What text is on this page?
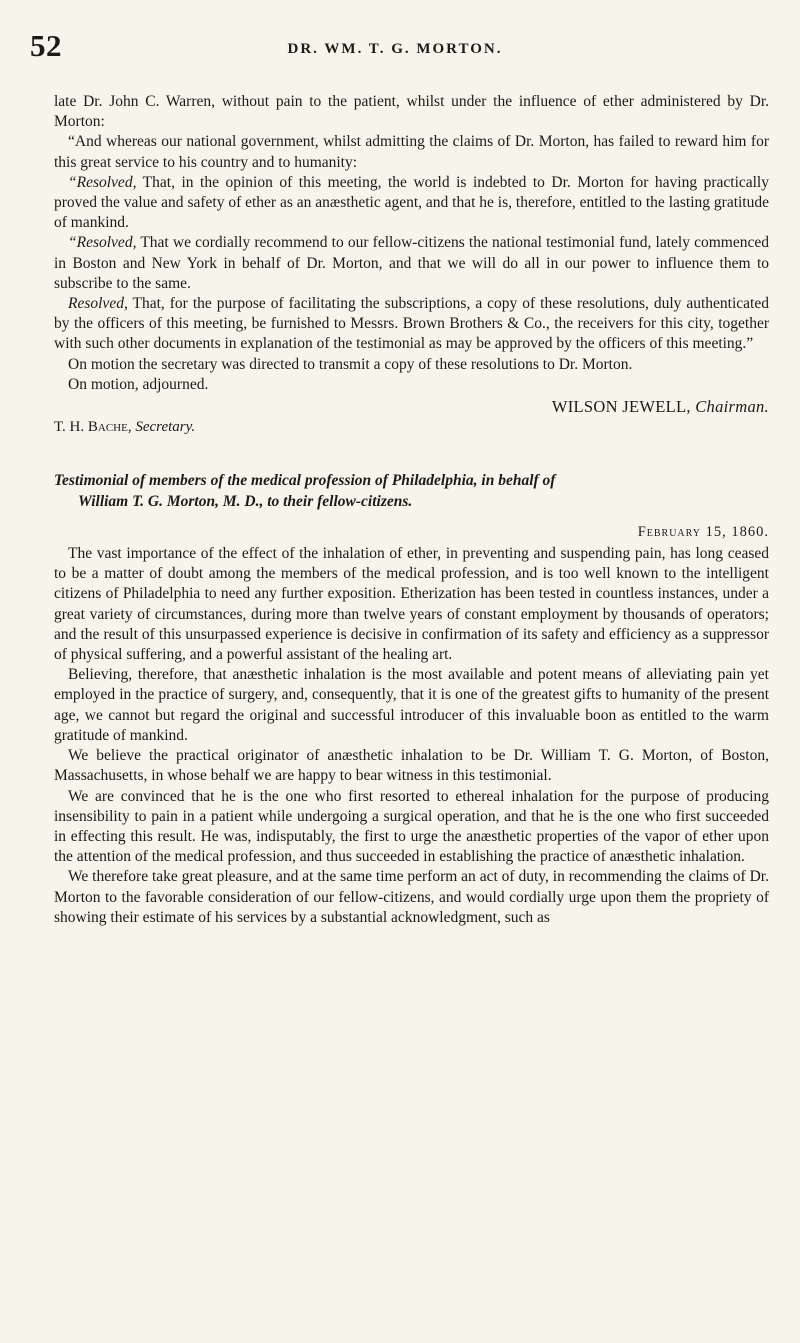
52	DR. WM. T. G. MORTON.

late Dr. John C. Warren, without pain to the patient, whilst under the influence of ether administered by Dr. Morton:

“And whereas our national government, whilst admitting the claims of Dr. Morton, has failed to reward him for this great service to his country and to humanity:

“Resolved, That, in the opinion of this meeting, the world is indebted to Dr. Morton for having practically proved the value and safety of ether as an anæsthetic agent, and that he is, therefore, entitled to the lasting gratitude of mankind.

“Resolved, That we cordially recommend to our fellow-citizens the national testimonial fund, lately commenced in Boston and New York in behalf of Dr. Morton, and that we will do all in our power to influence them to subscribe to the same.

Resolved, That, for the purpose of facilitating the subscriptions, a copy of these resolutions, duly authenticated by the officers of this meeting, be furnished to Messrs. Brown Brothers & Co., the receivers for this city, together with such other documents in explanation of the testimonial as may be approved by the officers of this meeting.”

On motion the secretary was directed to transmit a copy of these resolutions to Dr. Morton.

On motion, adjourned.

WILSON JEWELL, Chairman.

T. H. Bache, Secretary.

Testimonial of members of the medical profession of Philadelphia, in behalf of
William T. G. Morton, M. D., to their fellow-citizens.

February 15, 1860.

The vast importance of the effect of the inhalation of ether, in preventing and suspending pain, has long ceased to be a matter of doubt among the members of the medical profession, and is too well known to the intelligent citizens of Philadelphia to need any further exposition. Etherization has been tested in countless instances, under a great variety of circumstances, during more than twelve years of constant employment by thousands of operators; and the result of this unsurpassed experience is decisive in confirmation of its safety and efficiency as a suppressor of physical suffering, and a powerful assistant of the healing art.

Believing, therefore, that anæsthetic inhalation is the most available and potent means of alleviating pain yet employed in the practice of surgery, and, consequently, that it is one of the greatest gifts to humanity of the present age, we cannot but regard the original and successful introducer of this invaluable boon as entitled to the warm gratitude of mankind.

We believe the practical originator of anæsthetic inhalation to be Dr. William T. G. Morton, of Boston, Massachusetts, in whose behalf we are happy to bear witness in this testimonial.

We are convinced that he is the one who first resorted to ethereal inhalation for the purpose of producing insensibility to pain in a patient while undergoing a surgical operation, and that he is the one who first succeeded in effecting this result. He was, indisputably, the first to urge the anæsthetic properties of the vapor of ether upon the attention of the medical profession, and thus succeeded in establishing the practice of anæsthetic inhalation.

We therefore take great pleasure, and at the same time perform an act of duty, in recommending the claims of Dr. Morton to the favorable consideration of our fellow-citizens, and would cordially urge upon them the propriety of showing their estimate of his services by a substantial acknowledgment, such as
